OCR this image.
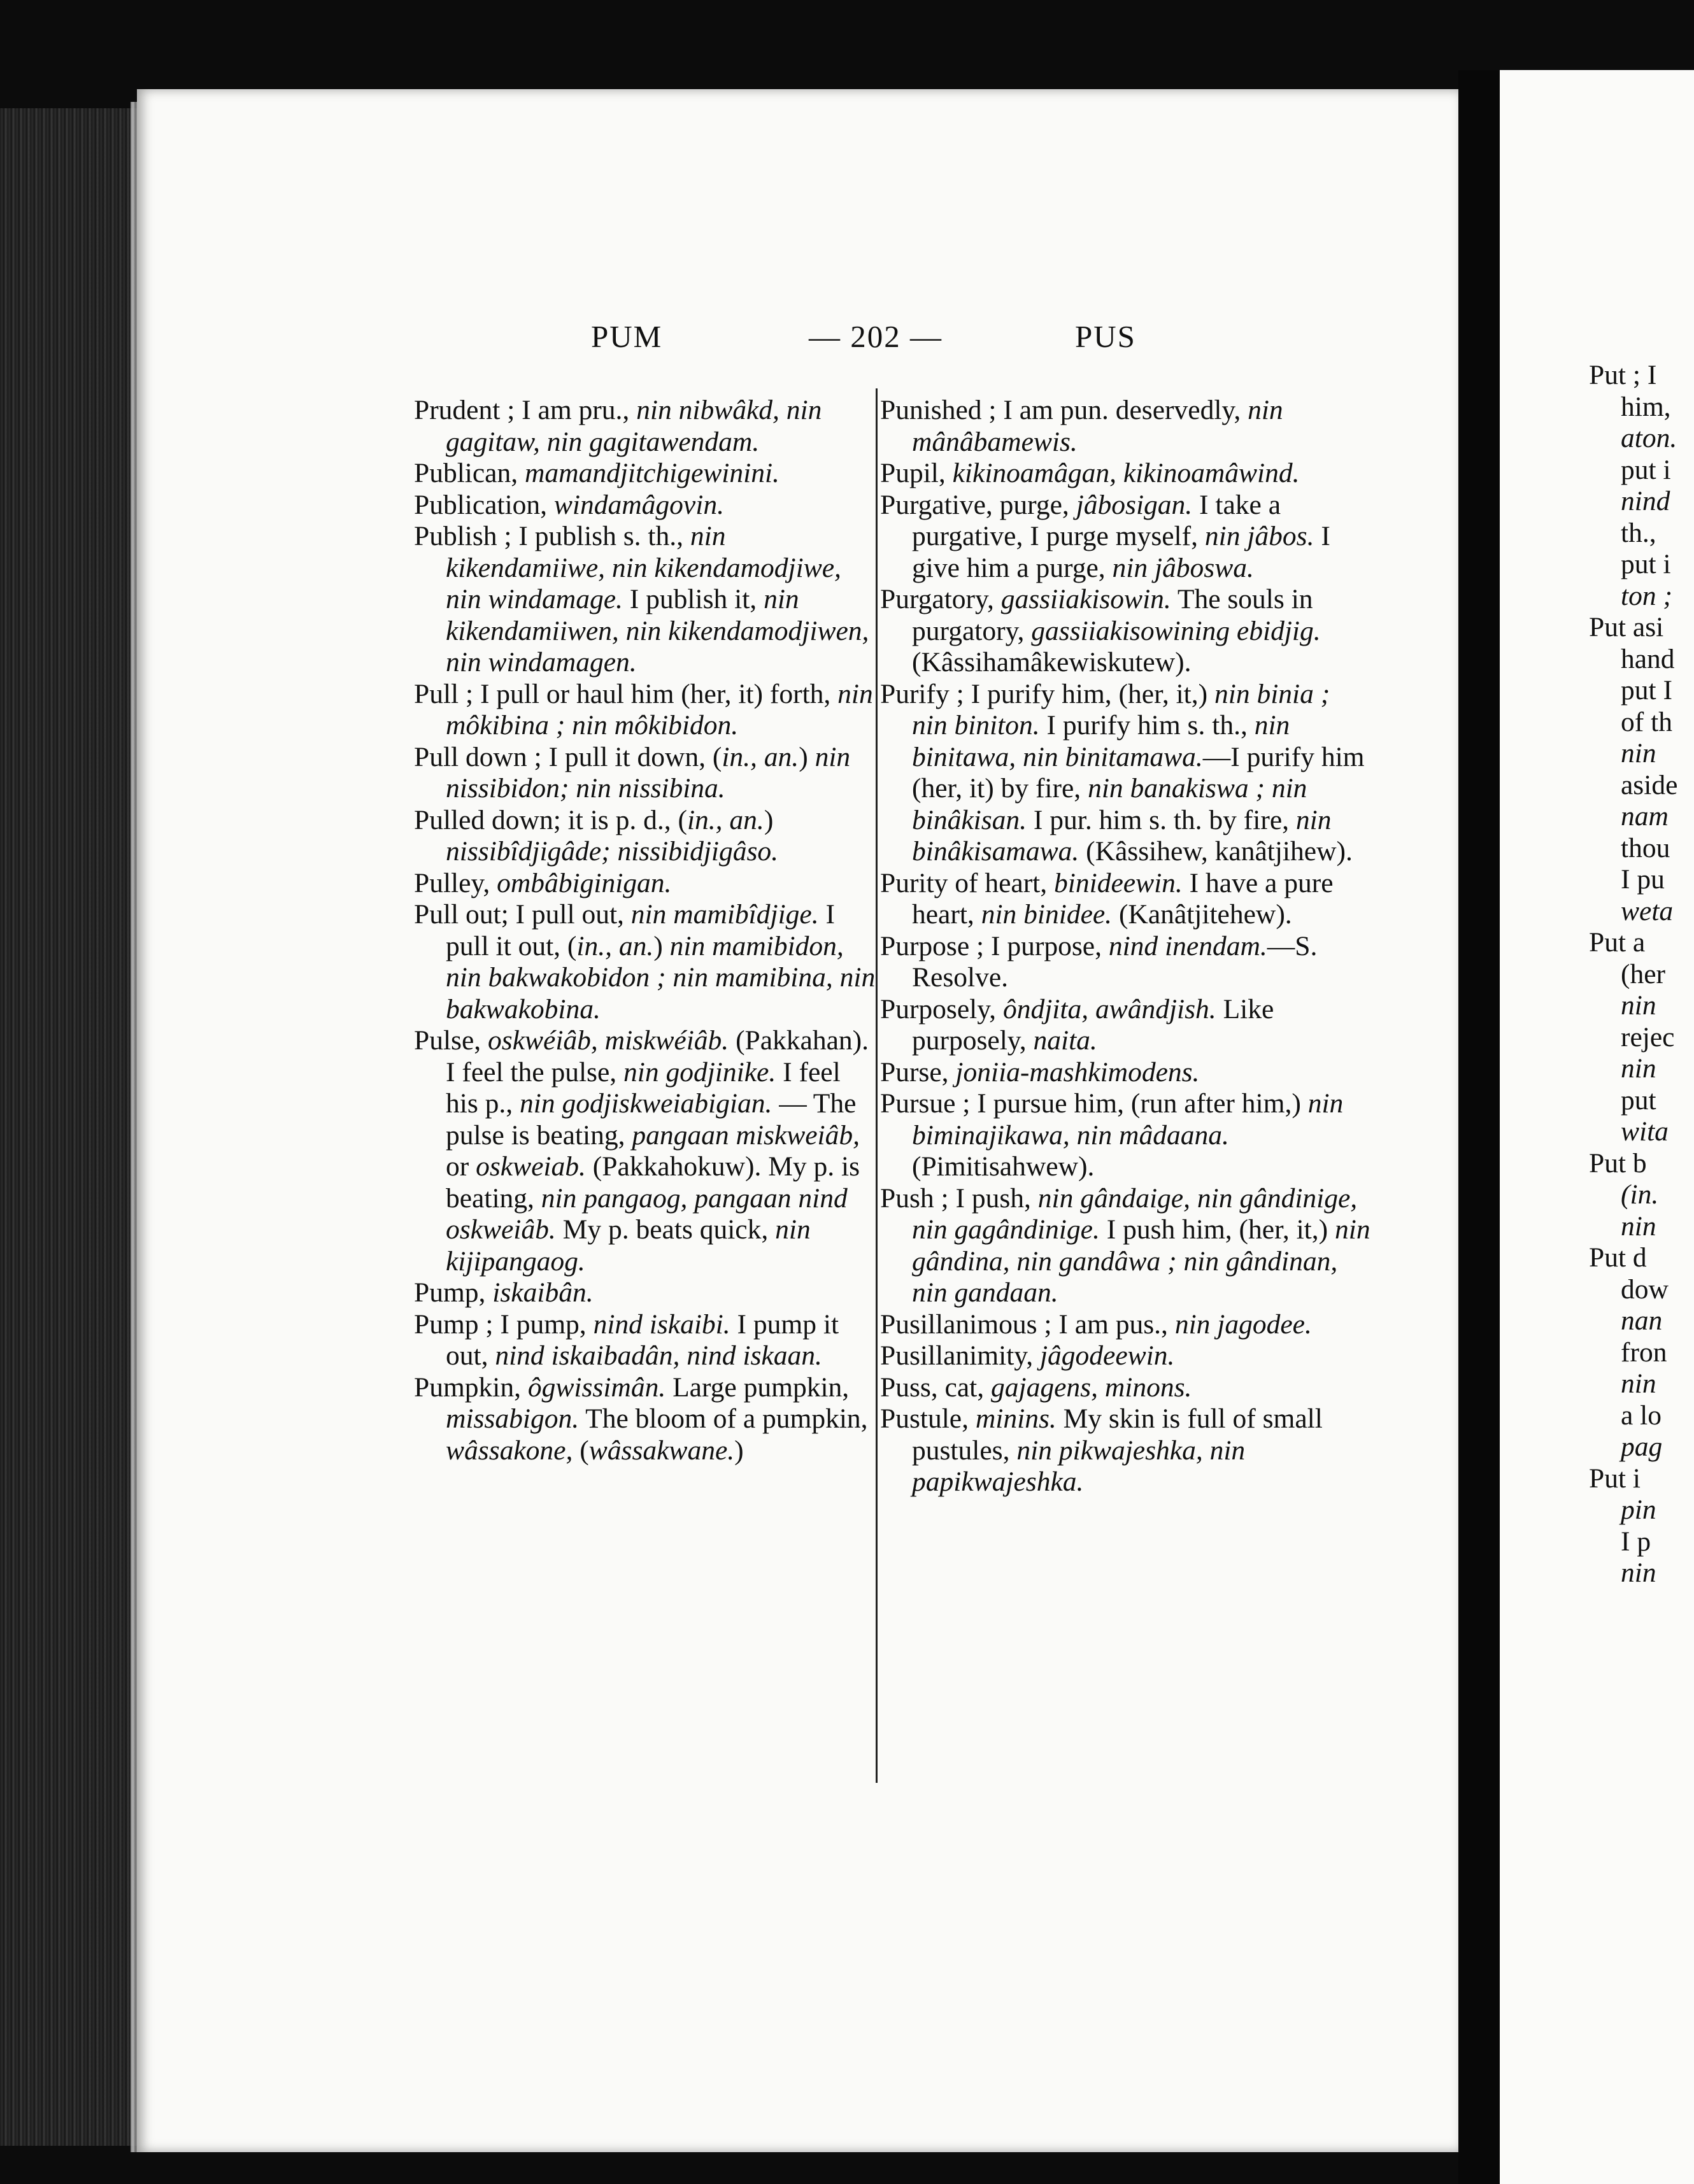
PUM	— 202 —	PUS

Prudent ; I am pru., nin nibwâkd, nin gagitaw, nin gagitawendam.

Publican, mamandjitchigewinini.

Publication, windamâgovin.

Publish ; I publish s. th., nin kikendamiiwe, nin kikendamodjiwe, nin windamage. I publish it, nin kikendamiiwen, nin kikendamodjiwen, nin windamagen.

Pull ; I pull or haul him (her, it) forth, nin môkibina ; nin môkibidon.

Pull down ; I pull it down, (in., an.) nin nissibidon; nin nissibina.

Pulled down; it is p. d., (in., an.) nissibîdjigâde; nissibidjigâso.

Pulley, ombâbiginigan.

Pull out; I pull out, nin mamibîdjige. I pull it out, (in., an.) nin mamibidon, nin bakwakobidon ; nin mamibina, nin bakwakobina.

Pulse, oskwéiâb, miskwéiâb. (Pakkahan). I feel the pulse, nin godjinike. I feel his p., nin godjiskweiabigian. — The pulse is beating, pangaan miskweiâb, or oskweiab. (Pakkahokuw). My p. is beating, nin pangaog, pangaan nind oskweiâb. My p. beats quick, nin kijipangaog.

Pump, iskaibân.

Pump ; I pump, nind iskaibi. I pump it out, nind iskaibadân, nind iskaan.

Pumpkin, ôgwissimân. Large pumpkin, missabigon. The bloom of a pumpkin, wâssakone, (wâssakwane.)

Punished ; I am pun. deservedly, nin mânâbamewis.

Pupil, kikinoamâgan, kikinoamâwind.

Purgative, purge, jâbosigan. I take a purgative, I purge myself, nin jâbos. I give him a purge, nin jâboswa.

Purgatory, gassiiakisowin. The souls in purgatory, gassiiakisowining ebidjig. (Kâssihamâkewiskutew).

Purify ; I purify him, (her, it,) nin binia ; nin biniton. I purify him s. th., nin binitawa, nin binitamawa.—I purify him (her, it) by fire, nin banakiswa ; nin binâkisan. I pur. him s. th. by fire, nin binâkisamawa. (Kâssihew, kanâtjihew).

Purity of heart, binideewin. I have a pure heart, nin binidee. (Kanâtjitehew).

Purpose ; I purpose, nind inendam.—S. Resolve.

Purposely, ôndjita, awândjish. Like purposely, naita.

Purse, joniia-mashkimodens.

Pursue ; I pursue him, (run after him,) nin biminajikawa, nin mâdaana. (Pimitisahwew).

Push ; I push, nin gândaige, nin gândinige, nin gagândinige. I push him, (her, it,) nin gândina, nin gandâwa ; nin gândinan, nin gandaan.

Pusillanimous ; I am pus., nin jagodee.

Pusillanimity, jâgodeewin.

Puss, cat, gajagens, minons.

Pustule, minins. My skin is full of small pustules, nin pikwajeshka, nin papikwajeshka.

Put ; I

him,

aton.

put i

nind

th.,

put i

ton ;

Put asi

hand

put I

of th

nin

aside

nam

thou

I pu

weta

Put a

(her

nin

rejec

nin

put

wita

Put b

(in.

nin

Put d

dow

nan

fron

nin

a lo

pag

Put i

pin

I p

nin
